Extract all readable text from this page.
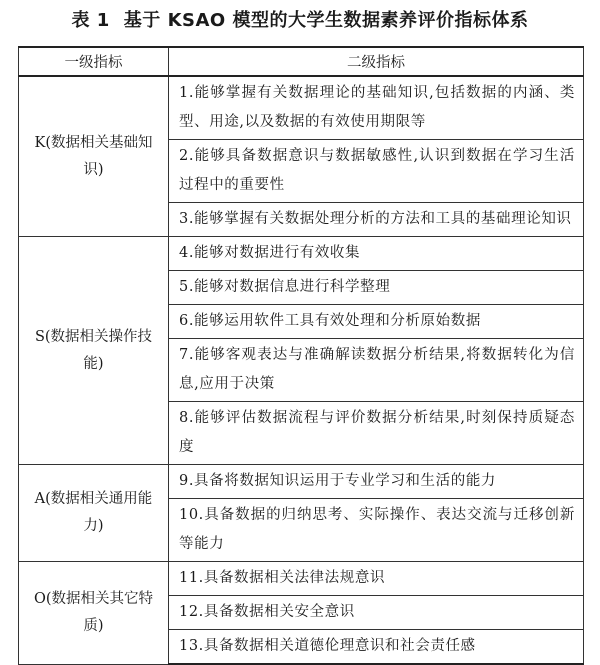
表 1 基于 KSAO 模型的大学生数据素养评价指标体系
一级指标	二级指标
K(数据相关基础知识)	1.能够掌握有关数据理论的基础知识,包括数据的内涵、类型、用途,以及数据的有效使用期限等
	2.能够具备数据意识与数据敏感性,认识到数据在学习生活过程中的重要性
	3.能够掌握有关数据处理分析的方法和工具的基础理论知识
S(数据相关操作技能)	4.能够对数据进行有效收集
	5.能够对数据信息进行科学整理
	6.能够运用软件工具有效处理和分析原始数据
	7.能够客观表达与准确解读数据分析结果,将数据转化为信息,应用于决策
	8.能够评估数据流程与评价数据分析结果,时刻保持质疑态度
A(数据相关通用能力)	9.具备将数据知识运用于专业学习和生活的能力
	10.具备数据的归纳思考、实际操作、表达交流与迁移创新等能力
O(数据相关其它特质)	11.具备数据相关法律法规意识
	12.具备数据相关安全意识
	13.具备数据相关道德伦理意识和社会责任感
